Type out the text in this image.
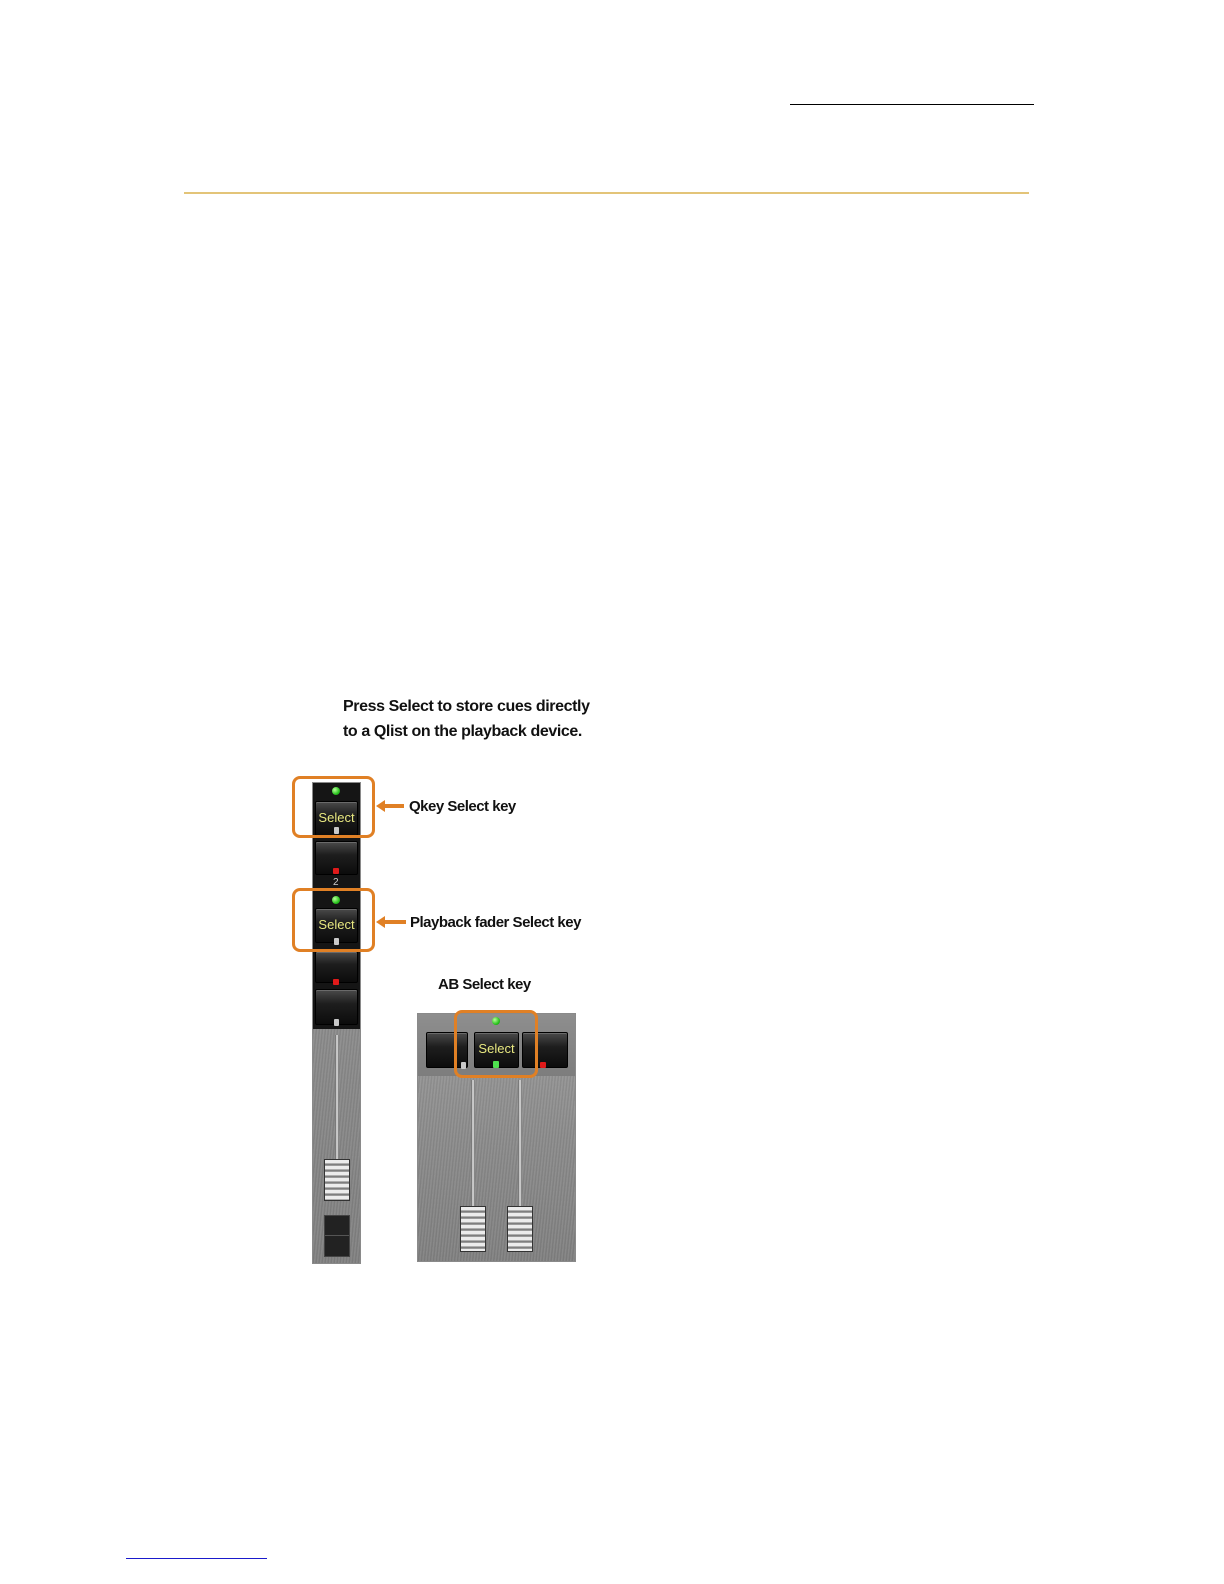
Press Select to store cues directly
to a Qlist on the playback device.
Select
2
Select
Qkey Select key
Playback fader Select key
AB Select key
Select
